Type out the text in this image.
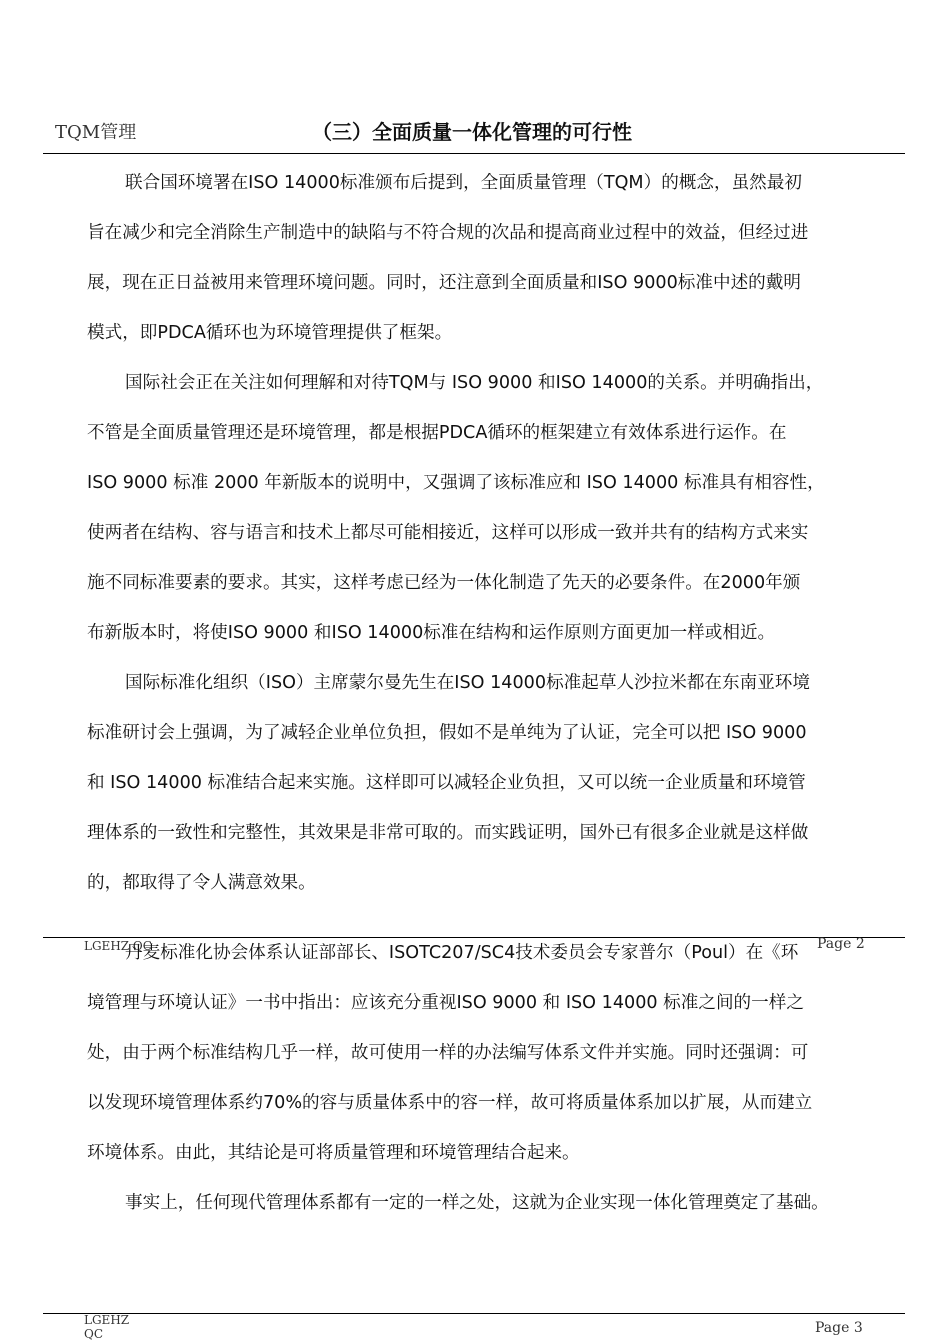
TQM管理	（三）全面质量一体化管理的可行性
联合国环境署在ISO 14000标准颁布后提到，全面质量管理（TQM）的概念，虽然最初
旨在减少和完全消除生产制造中的缺陷与不符合规的次品和提高商业过程中的效益，但经过进
展，现在正日益被用来管理环境问题。同时，还注意到全面质量和ISO 9000标准中述的戴明
模式，即PDCA循环也为环境管理提供了框架。
国际社会正在关注如何理解和对待TQM与 ISO 9000 和ISO 14000的关系。并明确指出，
不管是全面质量管理还是环境管理，都是根据PDCA循环的框架建立有效体系进行运作。在
ISO 9000 标准 2000 年新版本的说明中，又强调了该标准应和 ISO 14000 标准具有相容性，
使两者在结构、容与语言和技术上都尽可能相接近，这样可以形成一致并共有的结构方式来实
施不同标准要素的要求。其实，这样考虑已经为一体化制造了先天的必要条件。在2000年颁
布新版本时，将使ISO 9000 和ISO 14000标准在结构和运作原则方面更加一样或相近。
国际标准化组织（ISO）主席蒙尔曼先生在ISO 14000标准起草人沙拉米都在东南亚环境
标准研讨会上强调，为了减轻企业单位负担，假如不是单纯为了认证，完全可以把 ISO 9000
和 ISO 14000 标准结合起来实施。这样即可以减轻企业负担，又可以统一企业质量和环境管
理体系的一致性和完整性，其效果是非常可取的。而实践证明，国外已有很多企业就是这样做
的，都取得了令人满意效果。
LGEHZ QC	Page 2
丹麦标准化协会体系认证部部长、ISOTC207/SC4技术委员会专家普尔（Poul）在《环
境管理与环境认证》一书中指出：应该充分重视ISO 9000 和 ISO 14000 标准之间的一样之
处，由于两个标准结构几乎一样，故可使用一样的办法编写体系文件并实施。同时还强调：可
以发现环境管理体系约70%的容与质量体系中的容一样，故可将质量体系加以扩展，从而建立
环境体系。由此，其结论是可将质量管理和环境管理结合起来。
事实上，任何现代管理体系都有一定的一样之处，这就为企业实现一体化管理奠定了基础。
LGEHZ
QC	Page 3
